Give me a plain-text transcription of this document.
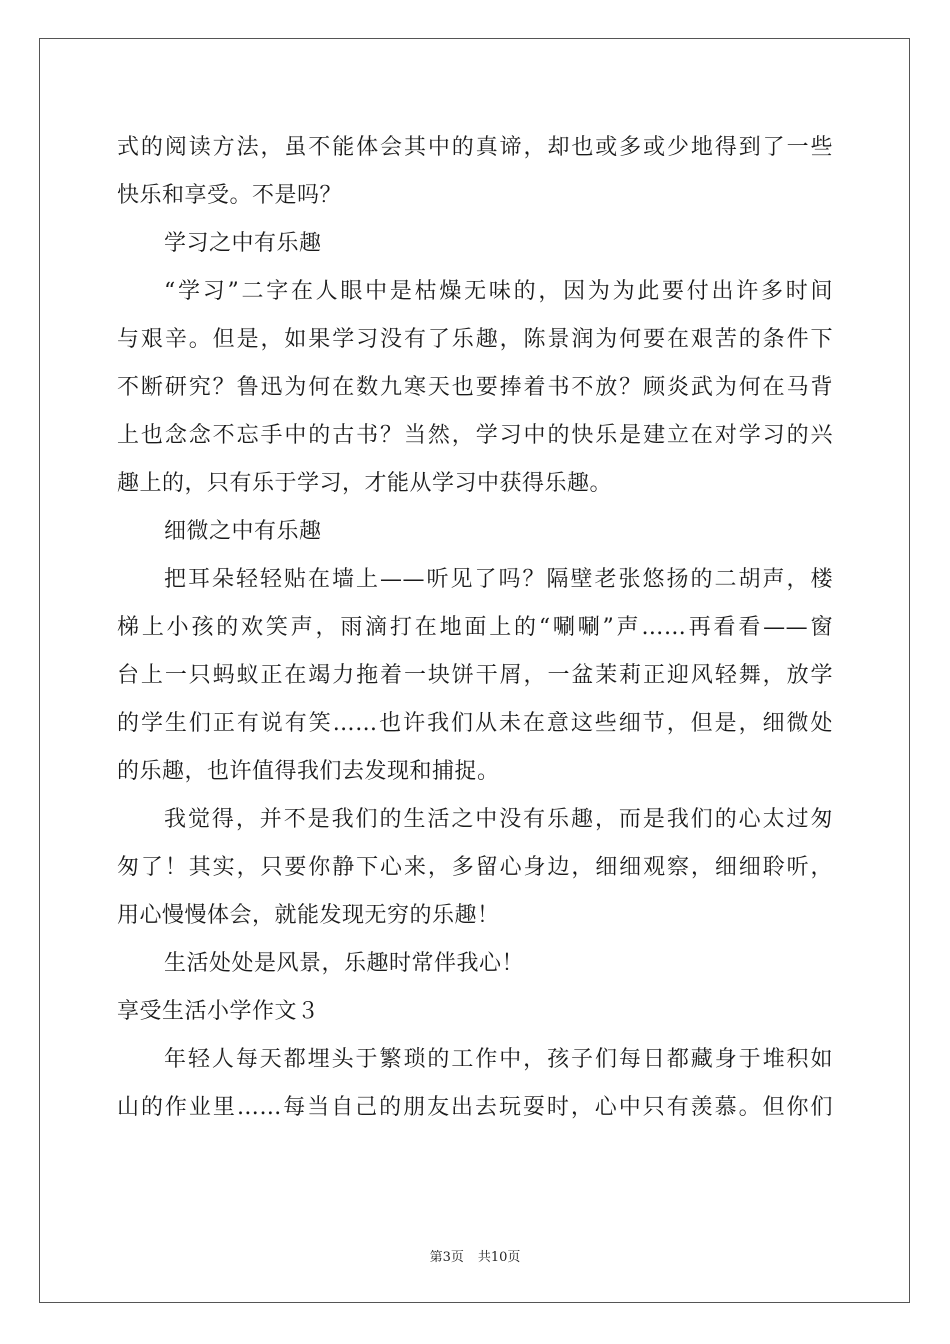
式的阅读方法，虽不能体会其中的真谛，却也或多或少地得到了一些
快乐和享受。不是吗？
学习之中有乐趣
“学习”二字在人眼中是枯燥无味的，因为为此要付出许多时间
与艰辛。但是，如果学习没有了乐趣，陈景润为何要在艰苦的条件下
不断研究？鲁迅为何在数九寒天也要捧着书不放？顾炎武为何在马背
上也念念不忘手中的古书？当然，学习中的快乐是建立在对学习的兴
趣上的，只有乐于学习，才能从学习中获得乐趣。
细微之中有乐趣
把耳朵轻轻贴在墙上——听见了吗？隔壁老张悠扬的二胡声，楼
梯上小孩的欢笑声，雨滴打在地面上的“唰唰”声……再看看——窗
台上一只蚂蚁正在竭力拖着一块饼干屑，一盆茉莉正迎风轻舞，放学
的学生们正有说有笑……也许我们从未在意这些细节，但是，细微处
的乐趣，也许值得我们去发现和捕捉。
我觉得，并不是我们的生活之中没有乐趣，而是我们的心太过匆
匆了！其实，只要你静下心来，多留心身边，细细观察，细细聆听，
用心慢慢体会，就能发现无穷的乐趣！
生活处处是风景，乐趣时常伴我心！
享受生活小学作文３
年轻人每天都埋头于繁琐的工作中，孩子们每日都藏身于堆积如
山的作业里……每当自己的朋友出去玩耍时，心中只有羡慕。但你们
第3页 共10页
